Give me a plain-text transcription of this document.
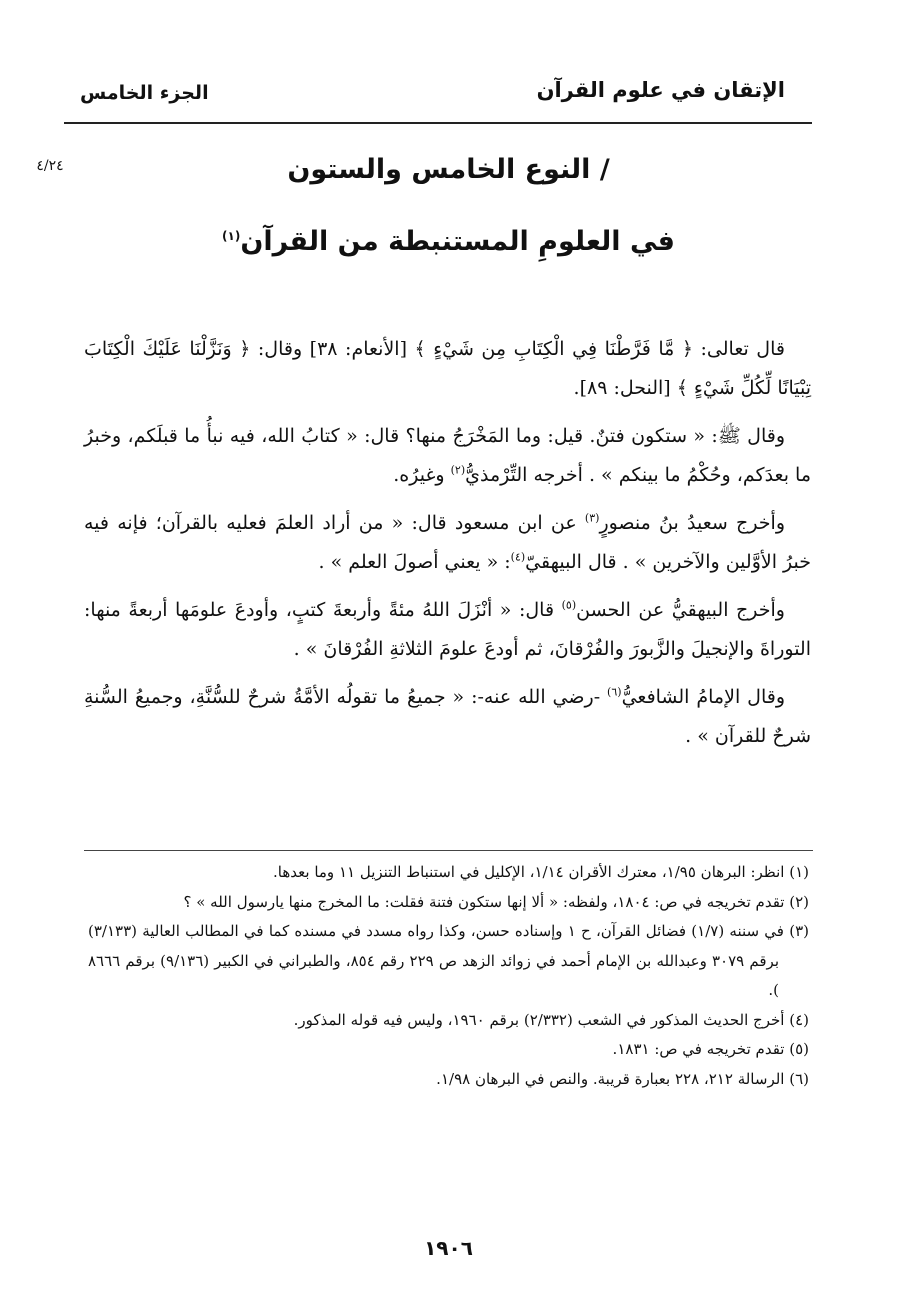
الإتقان في علوم القرآن
الجزء الخامس
٤/٢٤	/ النوع الخامس والستون
في العلومِ المستنبطة من القرآن$^{(١)}$

قال تعالى: ﴿ مَّا فَرَّطْنَا فِي الْكِتَابِ مِن شَيْءٍ ﴾ [الأنعام: ٣٨] وقال: ﴿ وَنَزَّلْنَا عَلَيْكَ الْكِتَابَ تِبْيَانًا لِّكُلِّ شَيْءٍ ﴾ [النحل: ٨٩].

وقال ﷺ: « ستكون فتنٌ. قيل: وما المَخْرَجُ منها؟ قال: « كتابُ الله، فيه نبأُ ما قبلَكم، وخبرُ ما بعدَكم، وحُكْمُ ما بينكم » . أخرجه التِّرْمذيُّ$^{(٢)}$ وغيرُه.

وأخرج سعيدُ بنُ منصورٍ$^{(٣)}$ عن ابن مسعود قال: « من أراد العلمَ فعليه بالقرآن؛ فإنه فيه خبرُ الأوَّلين والآخرين » . قال البيهقيّ$^{(٤)}$: « يعني أصولَ العلم » .

وأخرج البيهقيُّ عن الحسن$^{(٥)}$ قال: « أنْزَلَ اللهُ مئةً وأربعةَ كتبٍ، وأودعَ علومَها أربعةً منها: التوراةَ والإنجيلَ والزَّبورَ والفُرْقانَ، ثم أودعَ علومَ الثلاثةِ الفُرْقانَ » .

وقال الإمامُ الشافعيُّ$^{(٦)}$ -رضي الله عنه-: « جميعُ ما تقولُه الأمَّةُ شرحٌ للسُّنَّةِ، وجميعُ السُّنةِ شرحٌ للقرآن » .

(١) انظر: البرهان ١/٩٥، معترك الأقران ١/١٤، الإكليل في استنباط التنزيل ١١ وما بعدها.

(٢) تقدم تخريجه في ص: ١٨٠٤، ولفظه: « ألا إنها ستكون فتنة فقلت: ما المخرج منها يارسول الله » ؟

(٣) في سننه (١/٧) فضائل القرآن، ح ١ وإسناده حسن، وكذا رواه مسدد في مسنده كما في المطالب العالية (٣/١٣٣) برقم ٣٠٧٩ وعبدالله بن الإمام أحمد في زوائد الزهد ص ٢٢٩ رقم ٨٥٤، والطبراني في الكبير (٩/١٣٦) برقم ٨٦٦٦ ).

(٤) أخرج الحديث المذكور في الشعب (٢/٣٣٢) برقم ١٩٦٠، وليس فيه قوله المذكور.

(٥) تقدم تخريجه في ص: ١٨٣١.

(٦) الرسالة ٢١٢، ٢٢٨ بعبارة قريبة. والنص في البرهان ١/٩٨.

١٩٠٦
